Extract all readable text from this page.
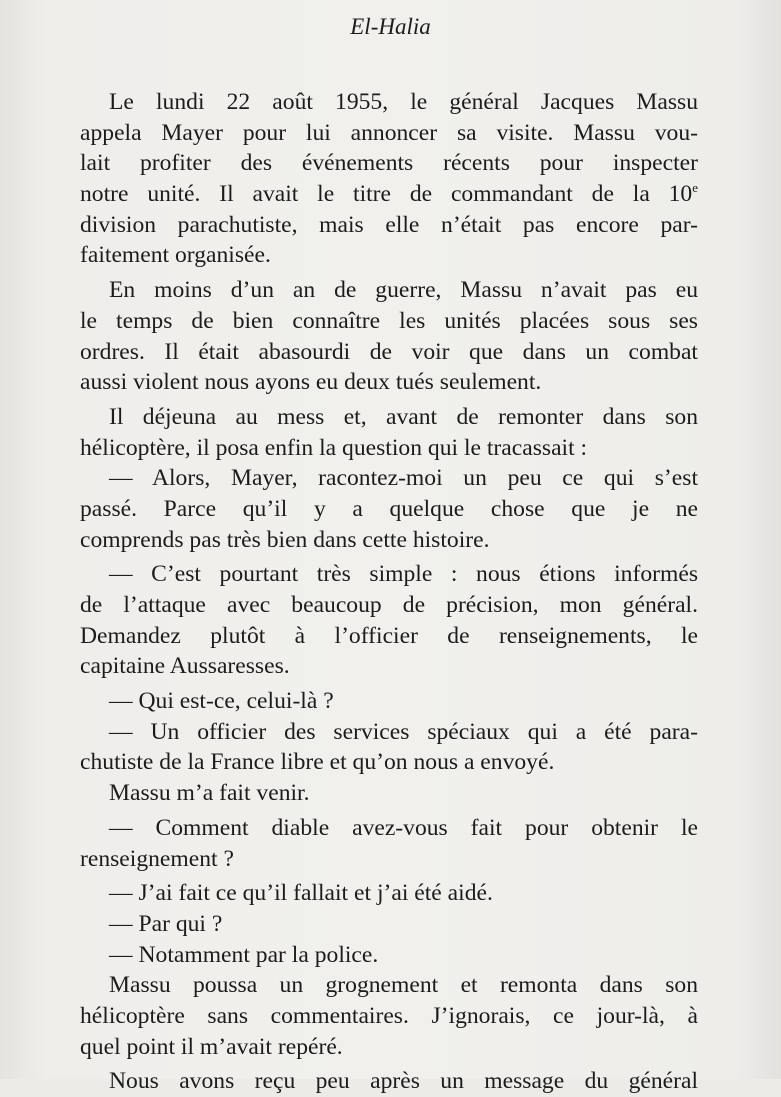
El-Halia
Le lundi 22 août 1955, le général Jacques Massu
appela Mayer pour lui annoncer sa visite. Massu vou-
lait profiter des événements récents pour inspecter
notre unité. Il avait le titre de commandant de la 10e
division parachutiste, mais elle n’était pas encore par-
faitement organisée.
En moins d’un an de guerre, Massu n’avait pas eu
le temps de bien connaître les unités placées sous ses
ordres. Il était abasourdi de voir que dans un combat
aussi violent nous ayons eu deux tués seulement.
Il déjeuna au mess et, avant de remonter dans son
hélicoptère, il posa enfin la question qui le tracassait :
— Alors, Mayer, racontez-moi un peu ce qui s’est
passé. Parce qu’il y a quelque chose que je ne
comprends pas très bien dans cette histoire.
— C’est pourtant très simple : nous étions informés
de l’attaque avec beaucoup de précision, mon général.
Demandez plutôt à l’officier de renseignements, le
capitaine Aussaresses.
— Qui est-ce, celui-là ?
— Un officier des services spéciaux qui a été para-
chutiste de la France libre et qu’on nous a envoyé.
Massu m’a fait venir.
— Comment diable avez-vous fait pour obtenir le
renseignement ?
— J’ai fait ce qu’il fallait et j’ai été aidé.
— Par qui ?
— Notamment par la police.
Massu poussa un grognement et remonta dans son
hélicoptère sans commentaires. J’ignorais, ce jour-là, à
quel point il m’avait repéré.
Nous avons reçu peu après un message du général
